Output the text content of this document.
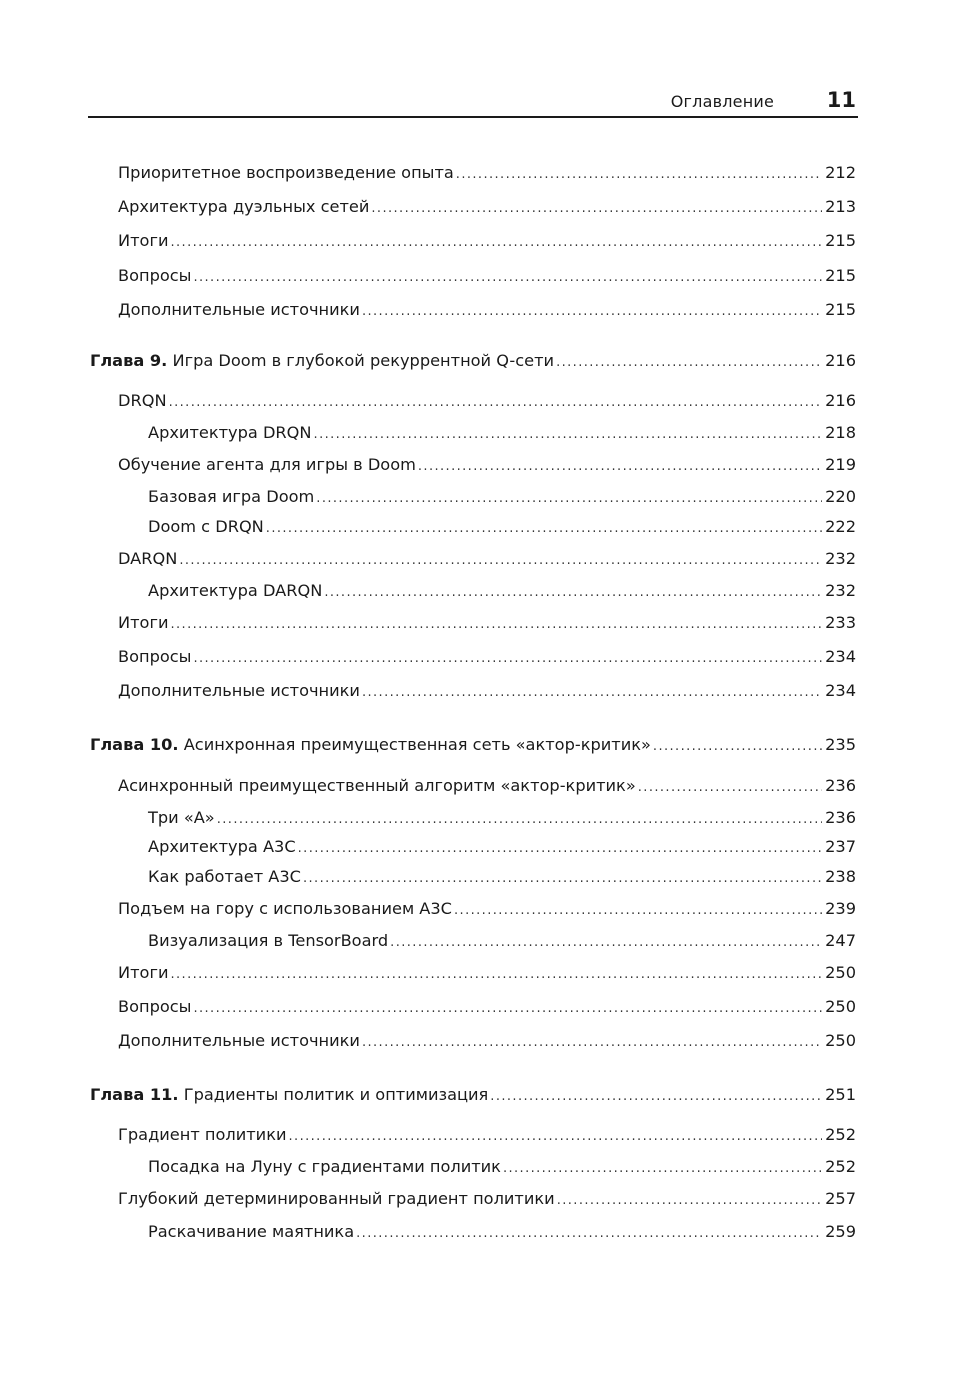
Оглавление	11
Приоритетное воспроизведение опыта .....	212
Архитектура дуэльных сетей .....	213
Итоги .....	215
Вопросы .....	215
Дополнительные источники .....	215
Глава 9. Игра Doom в глубокой рекуррентной Q-сети .....	216
DRQN .....	216
Архитектура DRQN .....	218
Обучение агента для игры в Doom .....	219
Базовая игра Doom .....	220
Doom с DRQN .....	222
DARQN .....	232
Архитектура DARQN .....	232
Итоги .....	233
Вопросы .....	234
Дополнительные источники .....	234
Глава 10. Асинхронная преимущественная сеть «актор-критик» .....	235
Асинхронный преимущественный алгоритм «актор-критик» .....	236
Три «А» .....	236
Архитектура A3C .....	237
Как работает A3C .....	238
Подъем на гору с использованием A3C .....	239
Визуализация в TensorBoard .....	247
Итоги .....	250
Вопросы .....	250
Дополнительные источники .....	250
Глава 11. Градиенты политик и оптимизация .....	251
Градиент политики .....	252
Посадка на Луну с градиентами политик .....	252
Глубокий детерминированный градиент политики .....	257
Раскачивание маятника .....	259
